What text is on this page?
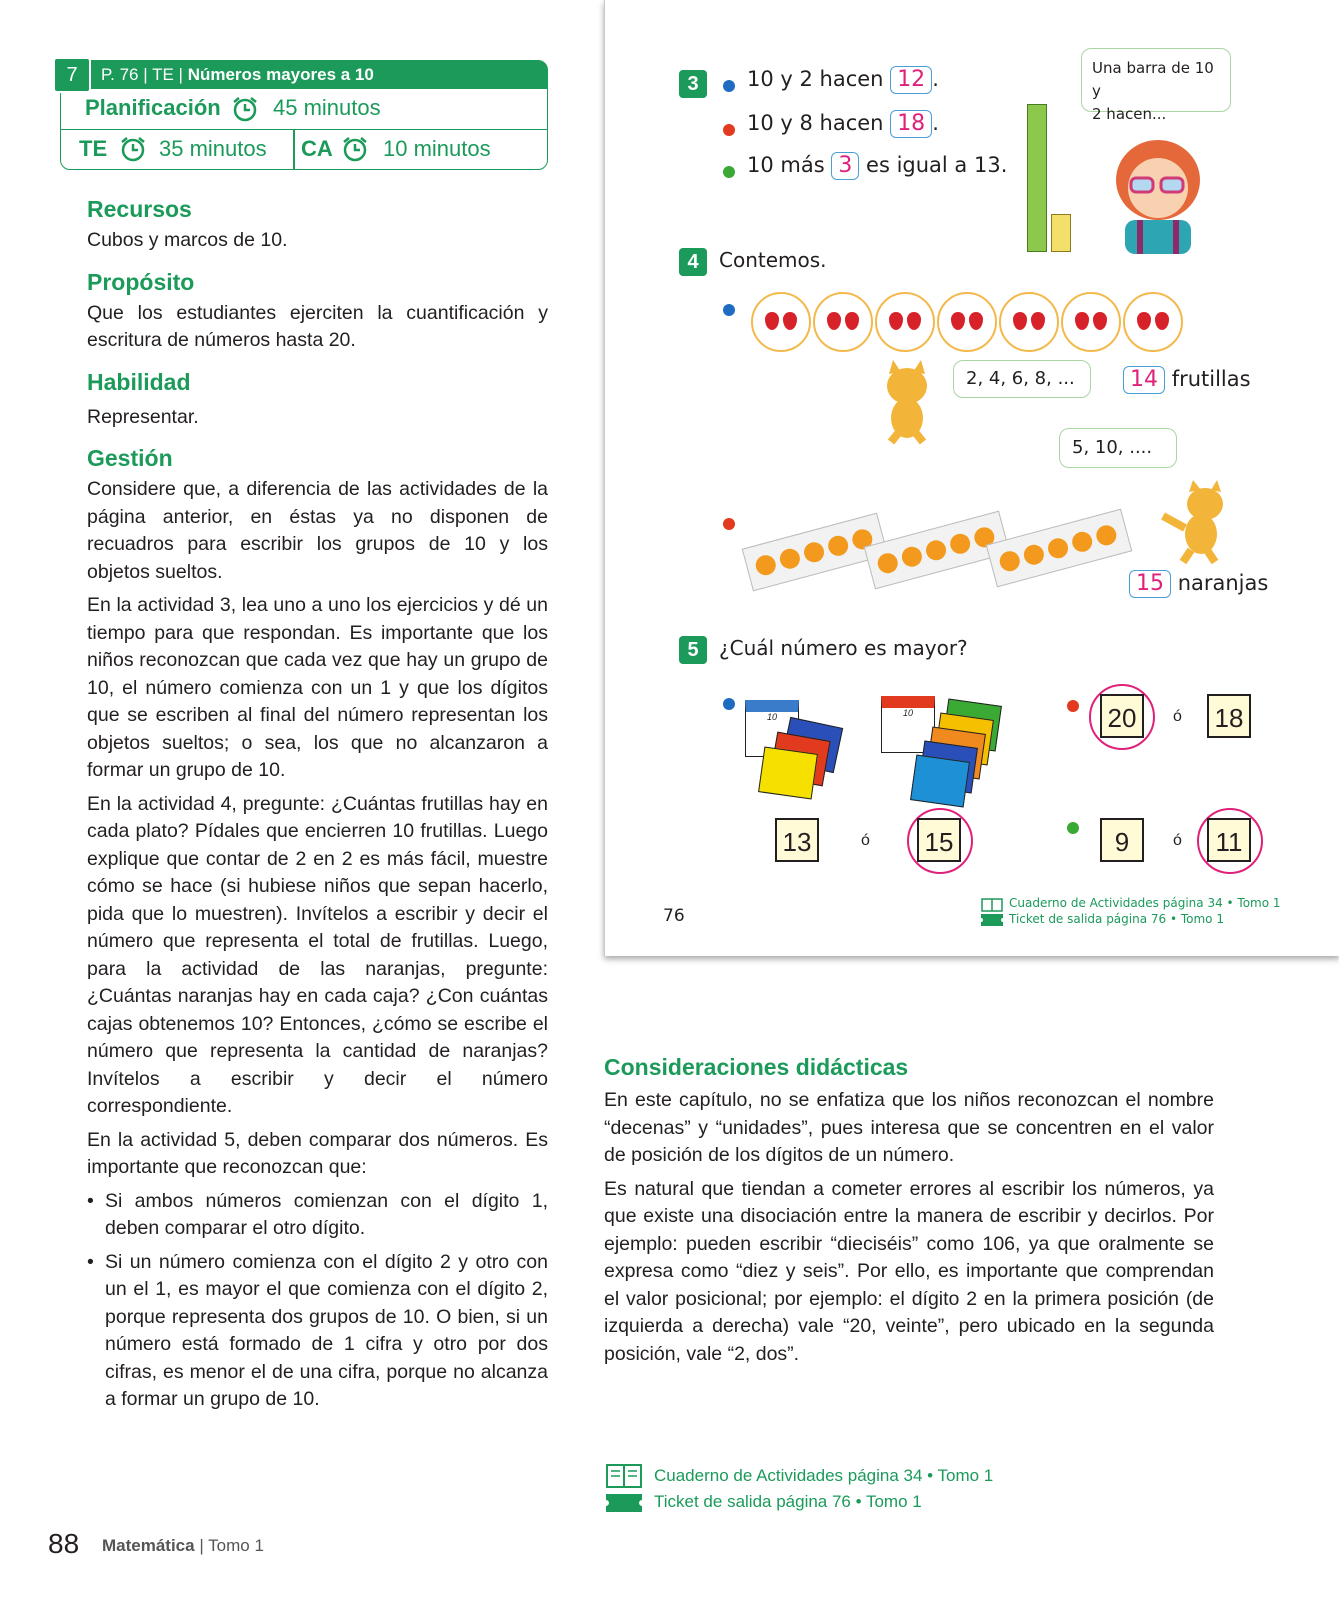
7	P. 76 | TE | Números mayores a 10
Planificación 45 minutos
TE 35 minutos CA 10 minutos
Recursos
Cubos y marcos de 10.
Propósito
Que los estudiantes ejerciten la cuantificación y escritura de números hasta 20.
Habilidad
Representar.
Gestión
Considere que, a diferencia de las actividades de la página anterior, en éstas ya no disponen de recuadros para escribir los grupos de 10 y los objetos sueltos.
En la actividad 3, lea uno a uno los ejercicios y dé un tiempo para que respondan. Es importante que los niños reconozcan que cada vez que hay un grupo de 10, el número comienza con un 1 y que los dígitos que se escriben al final del número representan los objetos sueltos; o sea, los que no alcanzaron a formar un grupo de 10.
En la actividad 4, pregunte: ¿Cuántas frutillas hay en cada plato? Pídales que encierren 10 frutillas. Luego explique que contar de 2 en 2 es más fácil, muestre cómo se hace (si hubiese niños que sepan hacerlo, pida que lo muestren). Invítelos a escribir y decir el número que representa el total de frutillas. Luego, para la actividad de las naranjas, pregunte: ¿Cuántas naranjas hay en cada caja? ¿Con cuántas cajas obtenemos 10? Entonces, ¿cómo se escribe el número que representa la cantidad de naranjas? Invítelos a escribir y decir el número correspondiente.
En la actividad 5, deben comparar dos números. Es importante que reconozcan que:
• Si ambos números comienzan con el dígito 1, deben comparar el otro dígito.
• Si un número comienza con el dígito 2 y otro con un el 1, es mayor el que comienza con el dígito 2, porque representa dos grupos de 10. O bien, si un número está formado de 1 cifra y otro por dos cifras, es menor el de una cifra, porque no alcanza a formar un grupo de 10.
3	10 y 2 hacen 12 .
10 y 8 hacen 18 .
10 más 3 es igual a 13.
Una barra de 10 y
2 hacen...
4	Contemos.
2, 4, 6, 8, ...	14 frutillas
5, 10, ....
15 naranjas
5	¿Cuál número es mayor?
10	10
13	ó 15
20	ó 18
9	ó	11
76
Cuaderno de Actividades página 34 • Tomo 1
Ticket de salida página 76 • Tomo 1
Consideraciones didácticas
En este capítulo, no se enfatiza que los niños reconozcan el nombre “decenas” y “unidades”, pues interesa que se concentren en el valor de posición de los dígitos de un número.
Es natural que tiendan a cometer errores al escribir los números, ya que existe una disociación entre la manera de escribir y decirlos. Por ejemplo: pueden escribir “dieciséis” como 106, ya que oralmente se expresa como “diez y seis”. Por ello, es importante que comprendan el valor posicional; por ejemplo: el dígito 2 en la primera posición (de izquierda a derecha) vale “20, veinte”, pero ubicado en la segunda posición, vale “2, dos”.
Cuaderno de Actividades página 34 • Tomo 1
Ticket de salida página 76 • Tomo 1
88 Matemática | Tomo 1
